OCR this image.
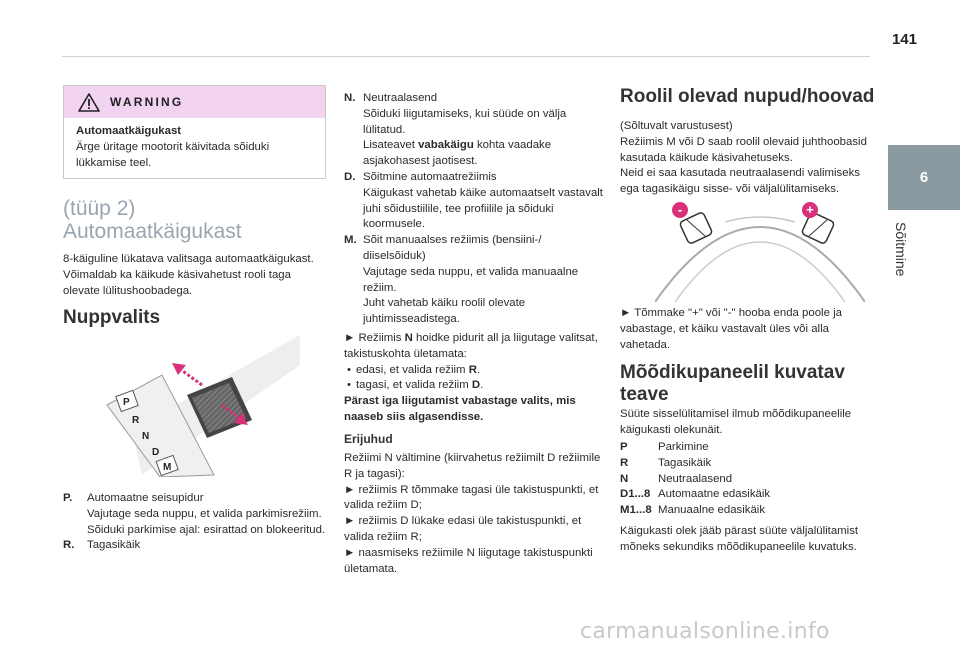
141
6
Sõitmine
WARNING
Automaatkäigukast
Ärge üritage mootorit käivitada sõiduki lükkamise teel.
(tüüp 2)
Automaatkäigukast
8-käiguline lükatava valitsaga automaatkäigukast. Võimaldab ka käikude käsivahetust rooli taga olevate lülitushoobadega.
Nuppvalits
P
R
N
D
M
P.	Automaatne seisupidur
Vajutage seda nuppu, et valida parkimisrežiim.
Sõiduki parkimise ajal: esirattad on blokeeritud.
R.	Tagasikäik
N. Neutraalasend
Sõiduki liigutamiseks, kui süüde on välja lülitatud.
Lisateavet vabakäigu kohta vaadake asjakohasest jaotisest.
D. Sõitmine automaatrežiimis
Käigukast vahetab käike automaatselt vastavalt juhi sõidustiilile, tee profiilile ja sõiduki koormusele.
M. Sõit manuaalses režiimis (bensiini-/ diiselsõiduk)
Vajutage seda nuppu, et valida manuaalne režiim.
Juht vahetab käiku roolil olevate juhtimisseadistega.
► Režiimis N hoidke pidurit all ja liigutage valitsat, takistuskohta ületamata:
• edasi, et valida režiim R.
• tagasi, et valida režiim D.
Pärast iga liigutamist vabastage valits, mis naaseb siis algasendisse.
Erijuhud
Režiimi N vältimine (kiirvahetus režiimilt D režiimile R ja tagasi):
► režiimis R tõmmake tagasi üle takistuspunkti, et valida režiim D;
► režiimis D lükake edasi üle takistuspunkti, et valida režiim R;
► naasmiseks režiimile N liigutage takistuspunkti ületamata.
Roolil olevad nupud/hoovad
(Sõltuvalt varustusest)
Režiimis M või D saab roolil olevaid juhthoobasid kasutada käikude käsivahetuseks.
Neid ei saa kasutada neutraalasendi valimiseks ega tagasikäigu sisse- või väljalülitamiseks.
-	+
► Tõmmake "+" või "-" hooba enda poole ja vabastage, et käiku vastavalt üles või alla vahetada.
Mõõdikupaneelil kuvatav
teave
Süüte sisselülitamisel ilmub mõõdikupaneelile käigukasti olekunäit.
P	Parkimine
R	Tagasikäik
N	Neutraalasend
D1...8 Automaatne edasikäik
M1...8 Manuaalne edasikäik
Käigukasti olek jääb pärast süüte väljalülitamist mõneks sekundiks mõõdikupaneelile kuvatuks.
carmanualsonline.info
